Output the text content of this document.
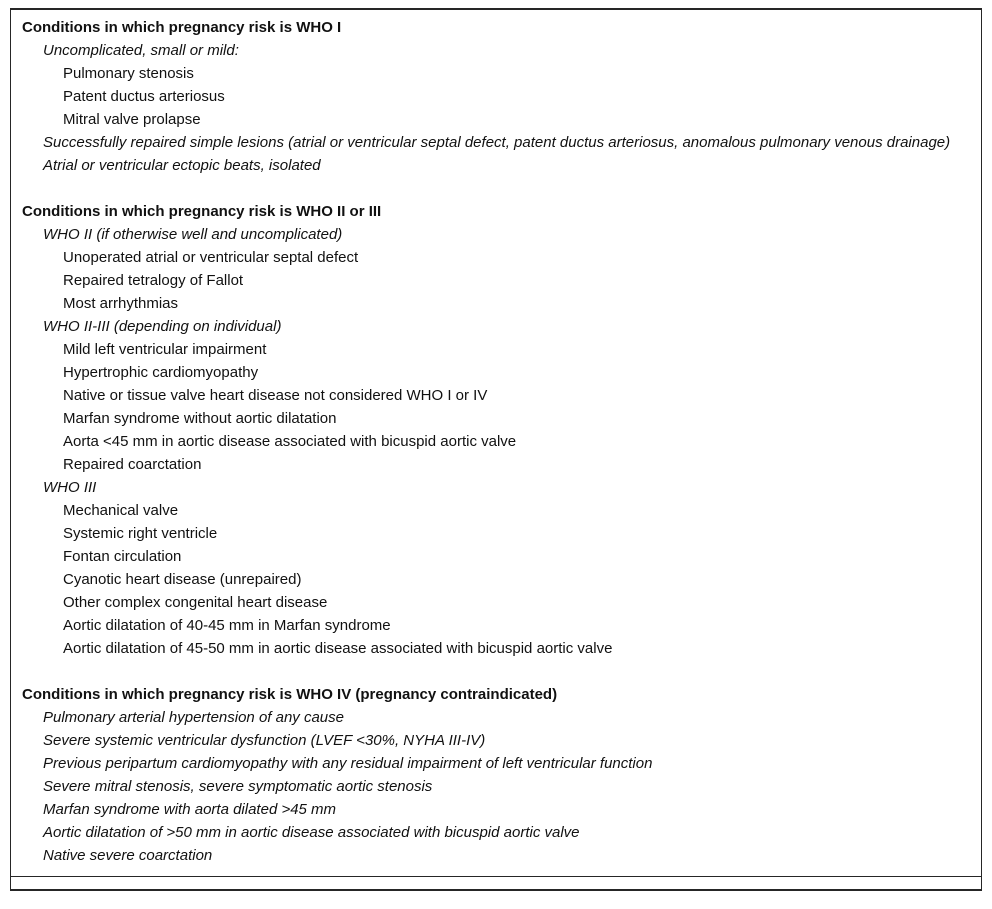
Conditions in which pregnancy risk is WHO I
Uncomplicated, small or mild:
Pulmonary stenosis
Patent ductus arteriosus
Mitral valve prolapse
Successfully repaired simple lesions (atrial or ventricular septal defect, patent ductus arteriosus, anomalous pulmonary venous drainage)
Atrial or ventricular ectopic beats, isolated
Conditions in which pregnancy risk is WHO II or III
WHO II (if otherwise well and uncomplicated)
Unoperated atrial or ventricular septal defect
Repaired tetralogy of Fallot
Most arrhythmias
WHO II-III (depending on individual)
Mild left ventricular impairment
Hypertrophic cardiomyopathy
Native or tissue valve heart disease not considered WHO I or IV
Marfan syndrome without aortic dilatation
Aorta <45 mm in aortic disease associated with bicuspid aortic valve
Repaired coarctation
WHO III
Mechanical valve
Systemic right ventricle
Fontan circulation
Cyanotic heart disease (unrepaired)
Other complex congenital heart disease
Aortic dilatation of 40-45 mm in Marfan syndrome
Aortic dilatation of 45-50 mm in aortic disease associated with bicuspid aortic valve
Conditions in which pregnancy risk is WHO IV (pregnancy contraindicated)
Pulmonary arterial hypertension of any cause
Severe systemic ventricular dysfunction (LVEF <30%, NYHA III-IV)
Previous peripartum cardiomyopathy with any residual impairment of left ventricular function
Severe mitral stenosis, severe symptomatic aortic stenosis
Marfan syndrome with aorta dilated >45 mm
Aortic dilatation of >50 mm in aortic disease associated with bicuspid aortic valve
Native severe coarctation
